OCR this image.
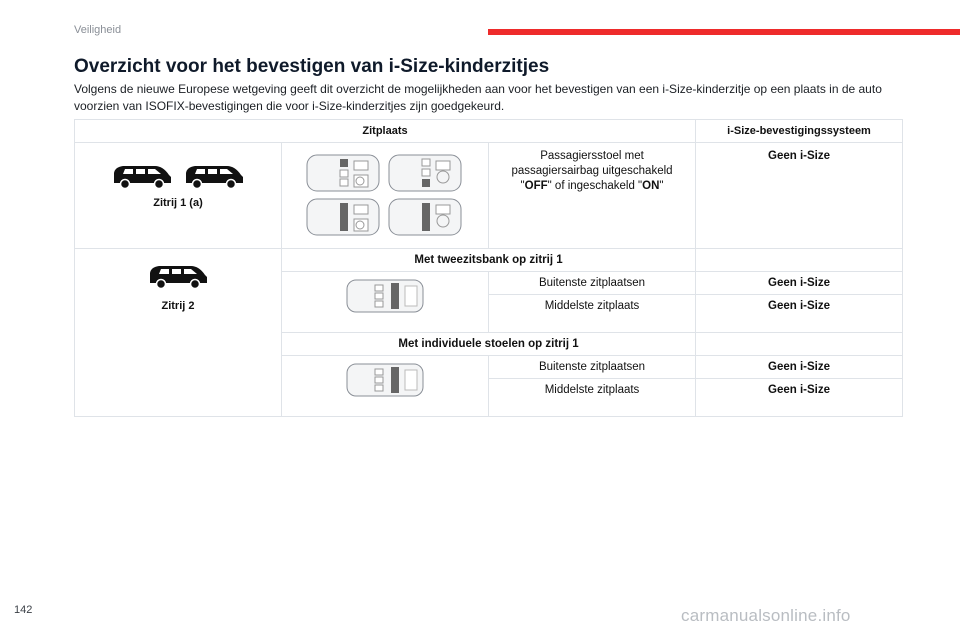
Veiligheid
Overzicht voor het bevestigen van i-Size-kinderzitjes

Volgens de nieuwe Europese wetgeving geeft dit overzicht de mogelijkheden aan voor het bevestigen van een i-Size-kinderzitje op een plaats in de auto voorzien van ISOFIX-bevestigingen die voor i-Size-kinderzitjes zijn goedgekeurd.

Zitplaats			i-Size-bevestigingssysteem

Zitrij 1 (a)		Passagiersstoel met
passagiersairbag uitgeschakeld
"OFF" of ingeschakeld "ON"	Geen i-Size

Zitrij 2	Met tweezitsbank op zitrij 1		
	Buitenste zitplaatsen	Geen i-Size
		Middelste zitplaats	Geen i-Size
	Met individuele stoelen op zitrij 1		
	Buitenste zitplaatsen	Geen i-Size
		Middelste zitplaats	Geen i-Size
142	carmanualsonline.info
